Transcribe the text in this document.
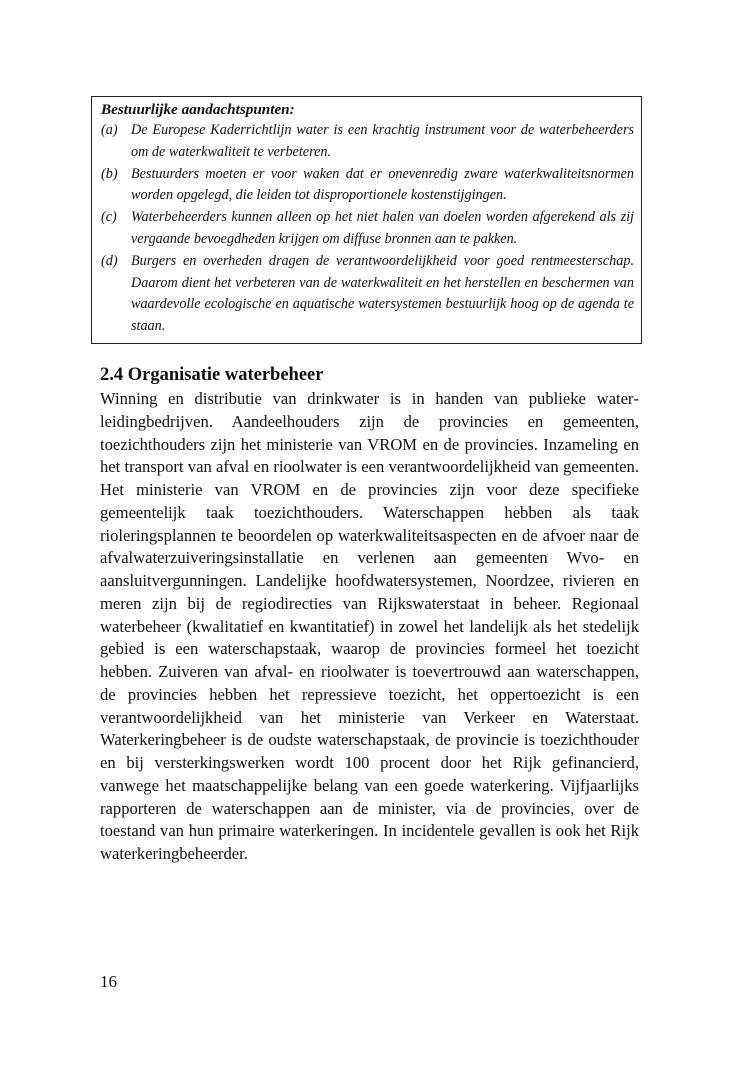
Bestuurlijke aandachtspunten:

(a) De Europese Kaderrichtlijn water is een krachtig instrument voor de waterbeheerders om de waterkwaliteit te verbeteren.
(b) Bestuurders moeten er voor waken dat er onevenredig zware waterkwaliteitsnormen worden opgelegd, die leiden tot disproportionele kostenstijgingen.
(c)	Waterbeheerders kunnen alleen op het niet halen van doelen worden afgerekend als zij vergaande bevoegdheden krijgen om diffuse bronnen aan te pakken.
(d) Burgers en overheden dragen de verantwoordelijkheid voor goed rentmeesterschap. Daarom dient het verbeteren van de waterkwaliteit en het herstellen en beschermen van waardevolle ecologische en aquatische watersystemen bestuurlijk hoog op de agenda te staan.
2.4 Organisatie waterbeheer

Winning en distributie van drinkwater is in handen van publieke waterleidingbedrijven. Aandeelhouders zijn de provincies en gemeenten, toezichthouders zijn het ministerie van VROM en de provincies. Inzameling en het transport van afval en rioolwater is een verantwoordelijkheid van gemeenten. Het ministerie van VROM en de provincies zijn voor deze specifieke gemeentelijk taak toezichthouders. Waterschappen hebben als taak rioleringsplannen te beoordelen op waterkwaliteitsaspecten en de afvoer naar de afvalwaterzuiveringsinstallatie en verlenen aan gemeenten Wvo- en aansluitvergunningen. Landelijke hoofdwatersystemen, Noordzee, rivieren en meren zijn bij de regiodirecties van Rijkswaterstaat in beheer. Regionaal waterbeheer (kwalitatief en kwantitatief) in zowel het landelijk als het stedelijk gebied is een waterschapstaak, waarop de provincies formeel het toezicht hebben. Zuiveren van afval- en rioolwater is toevertrouwd aan waterschappen, de provincies hebben het repressieve toezicht, het oppertoezicht is een verantwoordelijkheid van het ministerie van Verkeer en Waterstaat. Waterkeringbeheer is de oudste waterschapstaak, de provincie is toezichthouder en bij versterkingswerken wordt 100 procent door het Rijk gefinancierd, vanwege het maatschappelijke belang van een goede waterkering. Vijfjaarlijks rapporteren de waterschappen aan de minister, via de provincies, over de toestand van hun primaire waterkeringen. In incidentele gevallen is ook het Rijk waterkeringbeheerder.

16
